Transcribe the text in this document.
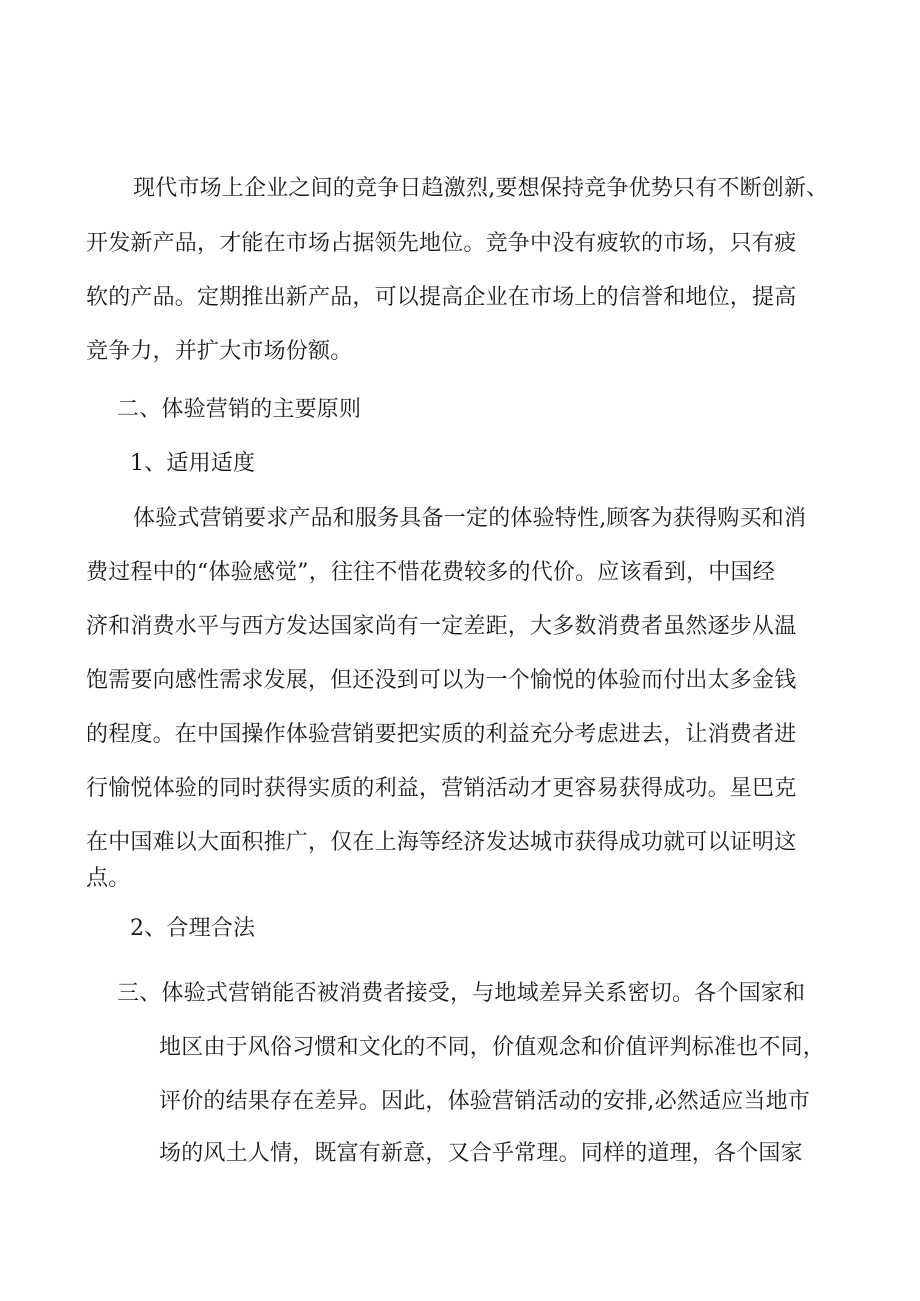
现代市场上企业之间的竞争日趋激烈,要想保持竞争优势只有不断创新、
开发新产品，才能在市场占据领先地位。竞争中没有疲软的市场，只有疲
软的产品。定期推出新产品，可以提高企业在市场上的信誉和地位，提高
竞争力，并扩大市场份额。
二、体验营销的主要原则
1、适用适度
体验式营销要求产品和服务具备一定的体验特性,顾客为获得购买和消
费过程中的“体验感觉”，往往不惜花费较多的代价。应该看到，中国经
济和消费水平与西方发达国家尚有一定差距，大多数消费者虽然逐步从温
饱需要向感性需求发展，但还没到可以为一个愉悦的体验而付出太多金钱
的程度。在中国操作体验营销要把实质的利益充分考虑进去，让消费者进
行愉悦体验的同时获得实质的利益，营销活动才更容易获得成功。星巴克
在中国难以大面积推广，仅在上海等经济发达城市获得成功就可以证明这
点。
2、合理合法
三、体验式营销能否被消费者接受，与地域差异关系密切。各个国家和
地区由于风俗习惯和文化的不同，价值观念和价值评判标准也不同，
评价的结果存在差异。因此，体验营销活动的安排,必然适应当地市
场的风土人情，既富有新意，又合乎常理。同样的道理，各个国家
